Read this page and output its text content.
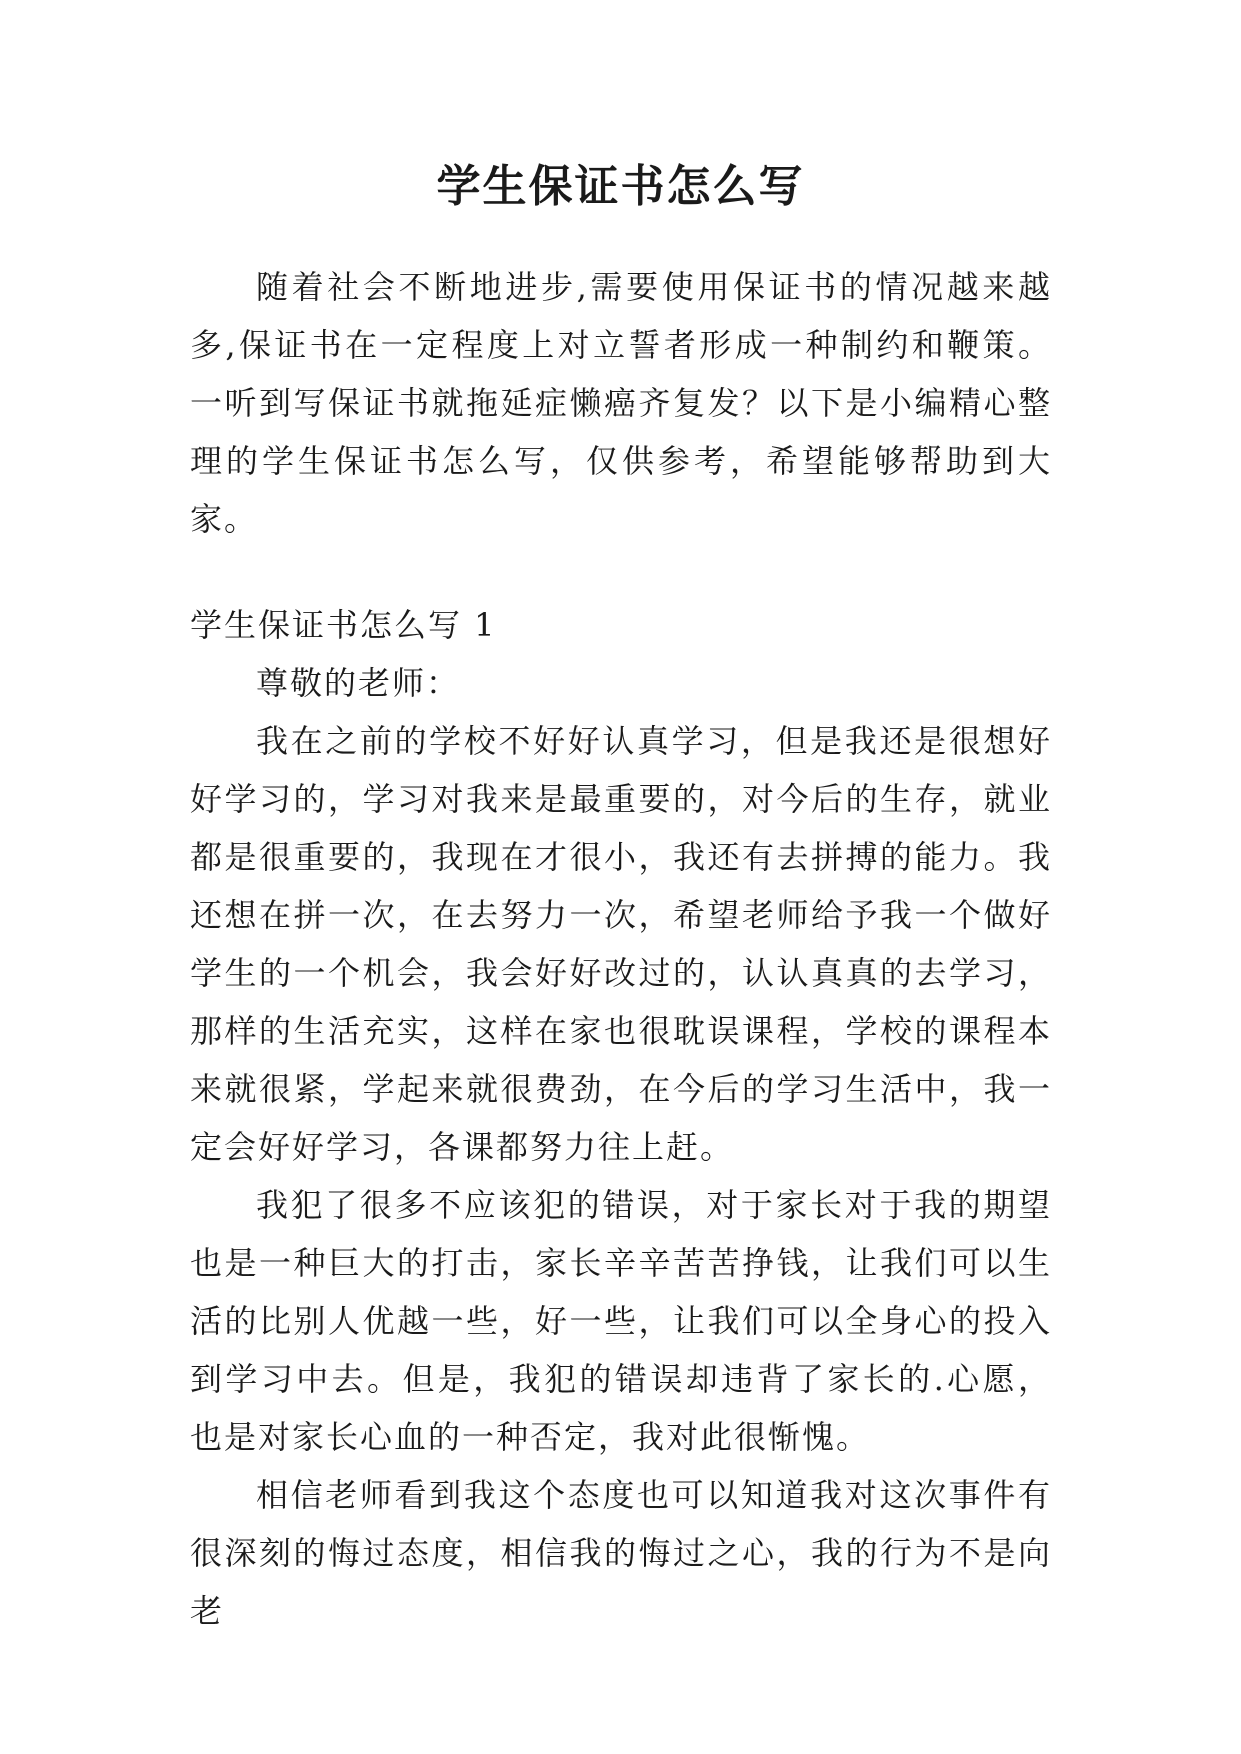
学生保证书怎么写

随着社会不断地进步,需要使用保证书的情况越来越多,保证书在一定程度上对立誓者形成一种制约和鞭策。一听到写保证书就拖延症懒癌齐复发？以下是小编精心整理的学生保证书怎么写，仅供参考，希望能够帮助到大家。

学生保证书怎么写 1

尊敬的老师：

我在之前的学校不好好认真学习，但是我还是很想好好学习的，学习对我来是最重要的，对今后的生存，就业都是很重要的，我现在才很小，我还有去拼搏的能力。我还想在拼一次，在去努力一次，希望老师给予我一个做好学生的一个机会，我会好好改过的，认认真真的去学习，那样的生活充实，这样在家也很耽误课程，学校的课程本来就很紧，学起来就很费劲，在今后的学习生活中，我一定会好好学习，各课都努力往上赶。

我犯了很多不应该犯的错误，对于家长对于我的期望也是一种巨大的打击，家长辛辛苦苦挣钱，让我们可以生活的比别人优越一些，好一些，让我们可以全身心的投入到学习中去。但是，我犯的错误却违背了家长的.心愿，也是对家长心血的一种否定，我对此很惭愧。

相信老师看到我这个态度也可以知道我对这次事件有很深刻的悔过态度，相信我的悔过之心，我的行为不是向老
